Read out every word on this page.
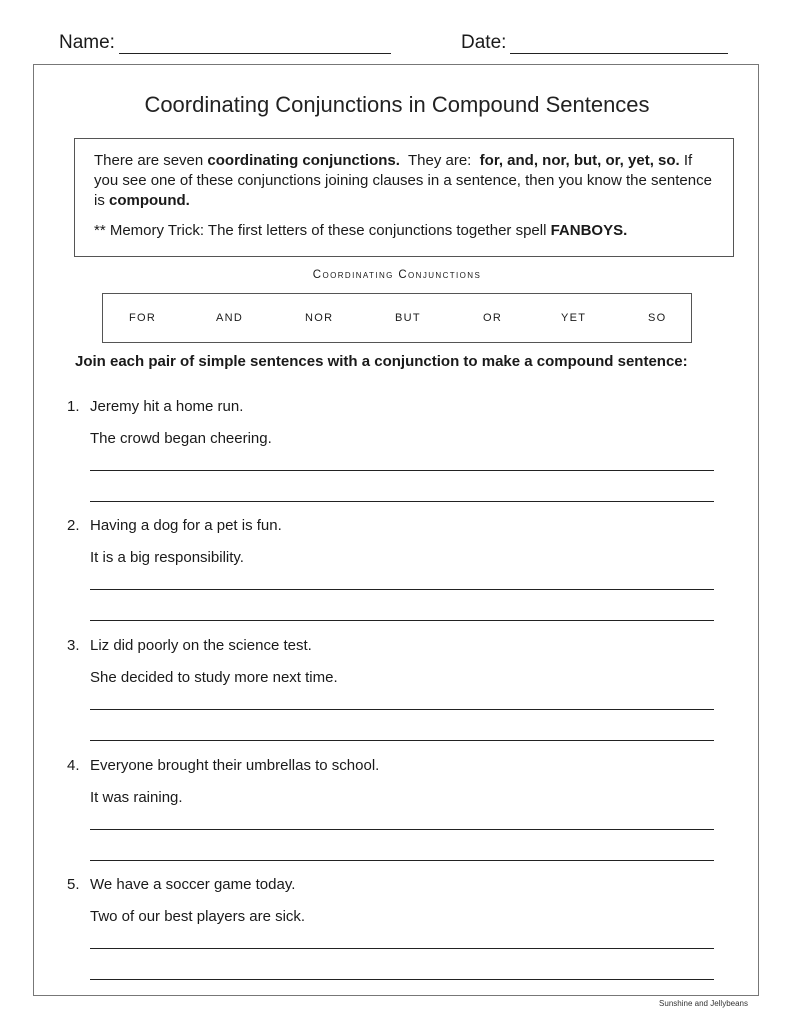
Name:	Date:
Coordinating Conjunctions in Compound Sentences

There are seven coordinating conjunctions.  They are:  for, and, nor, but, or, yet, so. If you see one of these conjunctions joining clauses in a sentence, then you know the sentence is compound.

** Memory Trick: The first letters of these conjunctions together spell FANBOYS.

Coordinating Conjunctions
FOR	AND	NOR	BUT	OR	YET	SO
Join each pair of simple sentences with a conjunction to make a compound sentence:
1. Jeremy hit a home run.
The crowd began cheering.
2. Having a dog for a pet is fun.
It is a big responsibility.
3. Liz did poorly on the science test.
She decided to study more next time.
4. Everyone brought their umbrellas to school.
It was raining.
5. We have a soccer game today.
Two of our best players are sick.
Sunshine and Jellybeans
